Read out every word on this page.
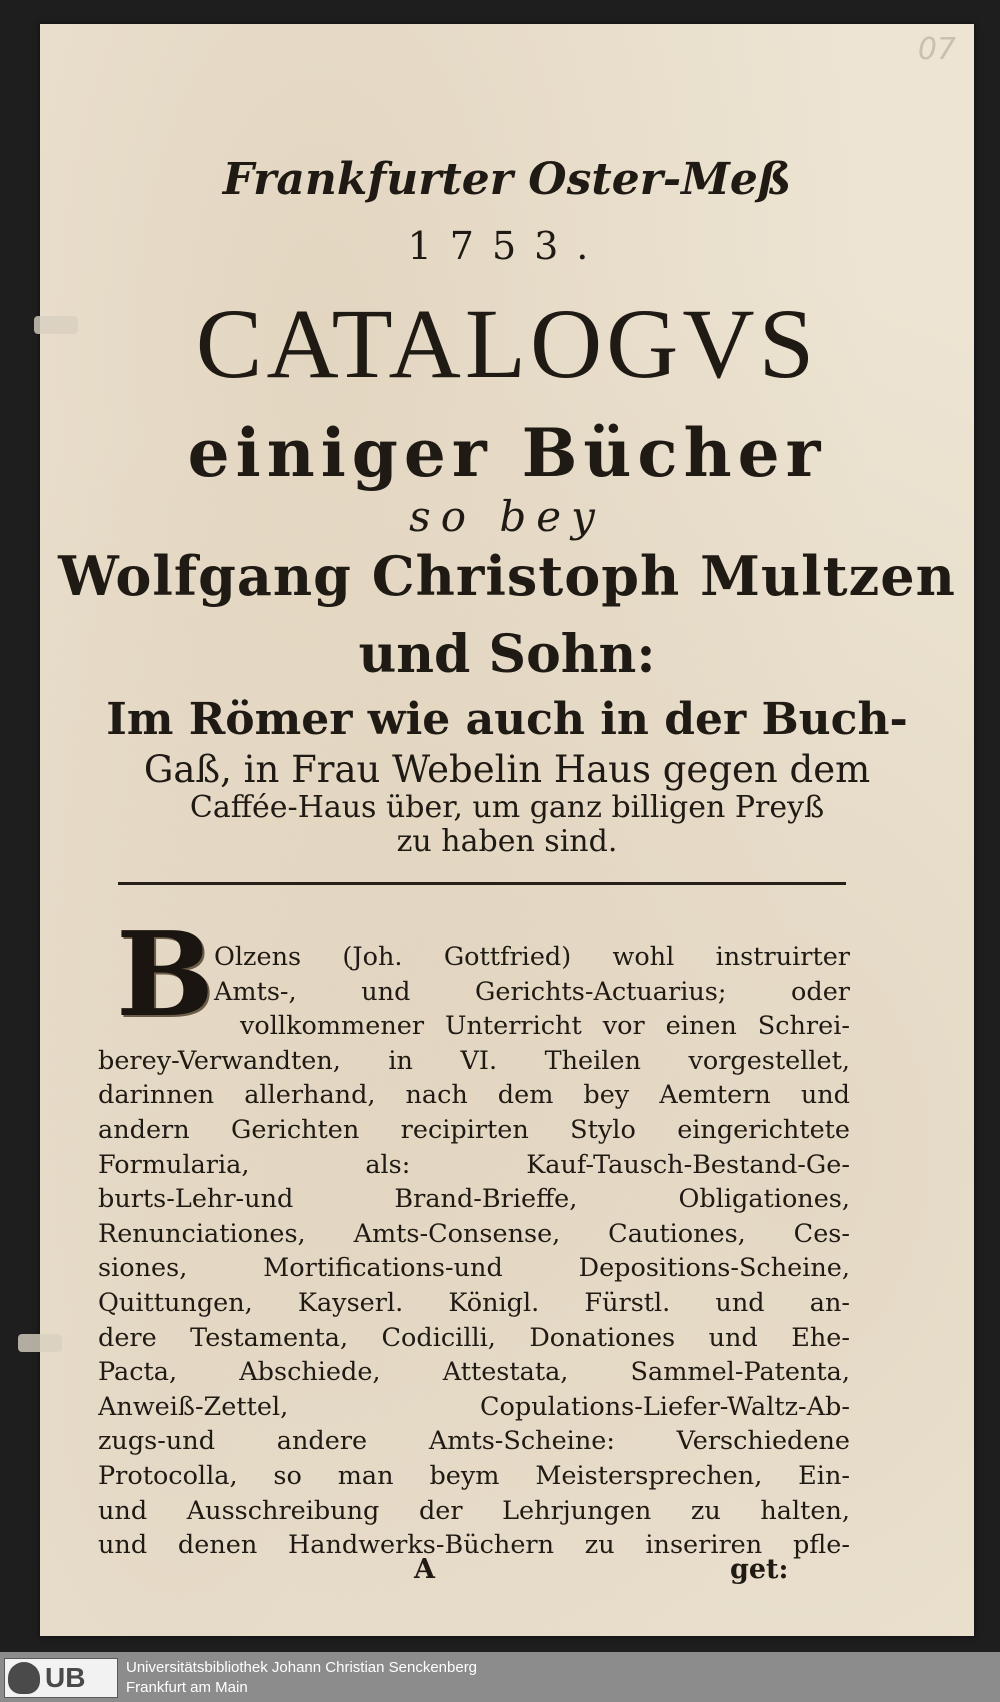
07
Frankfurter Oster-Meß
1753.
CATALOGVS
einiger Bücher
so bey
Wolfgang Christoph Multzen
und Sohn:
Im Römer wie auch in der Buch-
Gaß, in Frau Webelin Haus gegen dem
Caffée-Haus über, um ganz billigen Preyß
zu haben sind.
B Olzens (Joh. Gottfried) wohl instruirter
Amts-, und Gerichts-Actuarius; oder
vollkommener Unterricht vor einen Schrei-
berey-Verwandten, in VI. Theilen vorgestellet,
darinnen allerhand, nach dem bey Aemtern und
andern Gerichten recipirten Stylo eingerichtete
Formularia, als: Kauf-Tausch-Bestand-Ge-
burts-Lehr-und Brand-Brieffe, Obligationes,
Renunciationes, Amts-Consense, Cautiones, Ces-
siones, Mortifications-und Depositions-Scheine,
Quittungen, Kayserl. Königl. Fürstl. und an-
dere Testamenta, Codicilli, Donationes und Ehe-
Pacta, Abschiede, Attestata, Sammel-Patenta,
Anweiß-Zettel, Copulations-Liefer-Waltz-Ab-
zugs-und andere Amts-Scheine: Verschiedene
Protocolla, so man beym Meistersprechen, Ein-
und Ausschreibung der Lehrjungen zu halten,
und denen Handwerks-Büchern zu inseriren pfle-
A	get:
UB	Universitätsbibliothek Johann Christian Senckenberg
Frankfurt am Main
